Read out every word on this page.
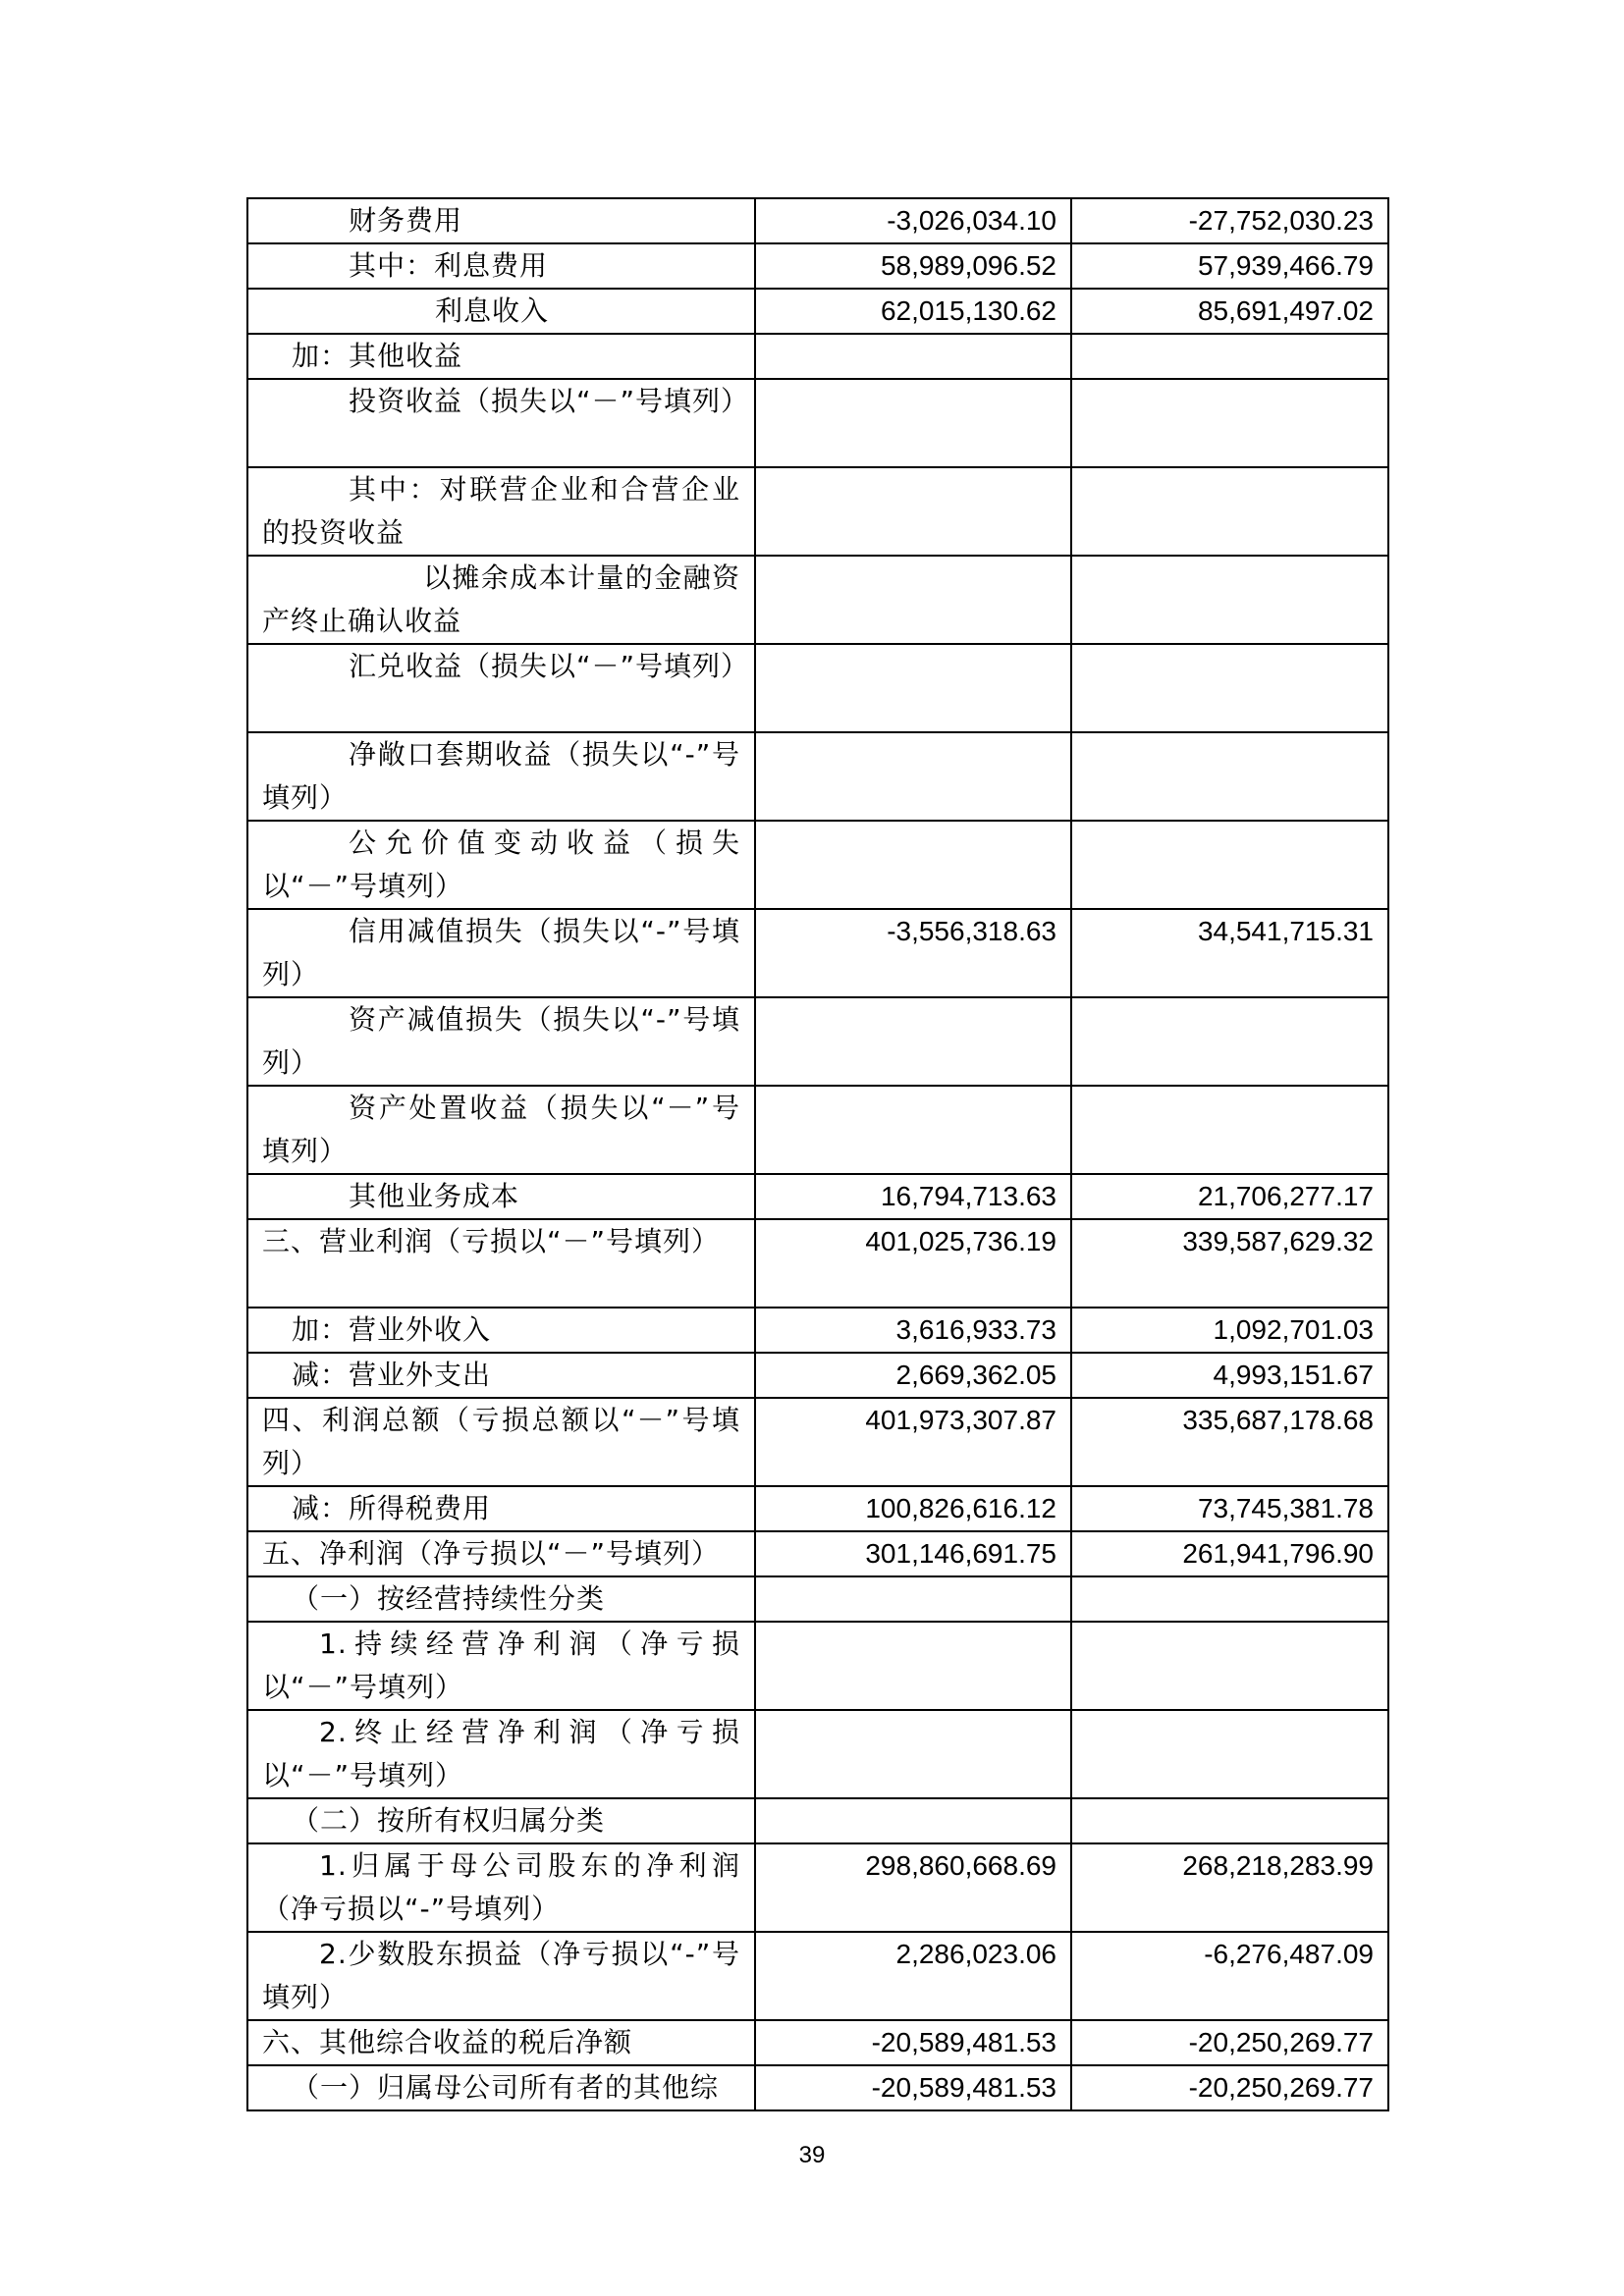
财务费用	-3,026,034.10	-27,752,030.23
其中：利息费用	58,989,096.52	57,939,466.79
利息收入	62,015,130.62	85,691,497.02
加：其他收益		
投资收益（损失以“－”号填列）		
其中：对联营企业和合营企业的投资收益		
以摊余成本计量的金融资产终止确认收益		
汇兑收益（损失以“－”号填列）		
净敞口套期收益（损失以“-”号填列）		
公允价值变动收益（损失以“－”号填列）		
信用减值损失（损失以“-”号填列）	-3,556,318.63	34,541,715.31
资产减值损失（损失以“-”号填列）		
资产处置收益（损失以“－”号填列）		
其他业务成本	16,794,713.63	21,706,277.17
三、营业利润（亏损以“－”号填列）	401,025,736.19	339,587,629.32
加：营业外收入	3,616,933.73	1,092,701.03
减：营业外支出	2,669,362.05	4,993,151.67
四、利润总额（亏损总额以“－”号填列）	401,973,307.87	335,687,178.68
减：所得税费用	100,826,616.12	73,745,381.78
五、净利润（净亏损以“－”号填列）	301,146,691.75	261,941,796.90
（一）按经营持续性分类		
1.持续经营净利润（净亏损以“－”号填列）		
2.终止经营净利润（净亏损以“－”号填列）		
（二）按所有权归属分类		
1.归属于母公司股东的净利润（净亏损以“-”号填列）	298,860,668.69	268,218,283.99
2.少数股东损益（净亏损以“-”号填列）	2,286,023.06	-6,276,487.09
六、其他综合收益的税后净额	-20,589,481.53	-20,250,269.77
（一）归属母公司所有者的其他综	-20,589,481.53	-20,250,269.77
39
